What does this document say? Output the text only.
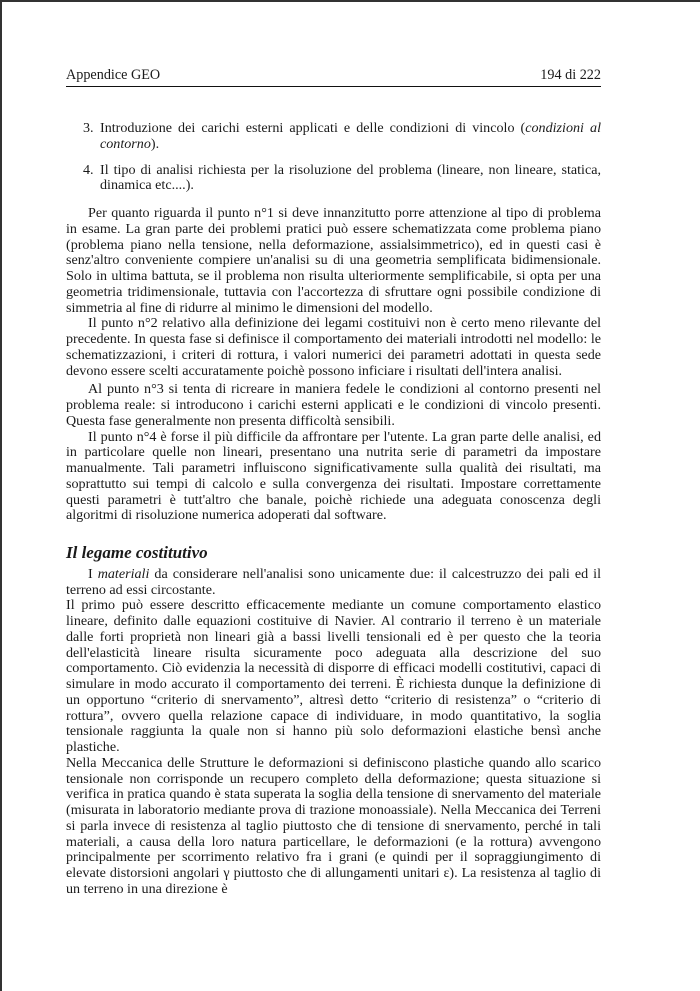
Appendice GEO	194 di 222
3. Introduzione dei carichi esterni applicati e delle condizioni di vincolo (condizioni al contorno).
4. Il tipo di analisi richiesta per la risoluzione del problema (lineare, non lineare, statica, dinamica etc....).

Per quanto riguarda il punto n°1 si deve innanzitutto porre attenzione al tipo di problema in esame. La gran parte dei problemi pratici può essere schematizzata come problema piano (problema piano nella tensione, nella deformazione, assialsimmetrico), ed in questi casi è senz'altro conveniente compiere un'analisi su di una geometria semplificata bidimensionale. Solo in ultima battuta, se il problema non risulta ulteriormente semplificabile, si opta per una geometria tridimensionale, tuttavia con l'accortezza di sfruttare ogni possibile condizione di simmetria al fine di ridurre al minimo le dimensioni del modello.

Il punto n°2 relativo alla definizione dei legami costituivi non è certo meno rilevante del precedente. In questa fase si definisce il comportamento dei materiali introdotti nel modello: le schematizzazioni, i criteri di rottura, i valori numerici dei parametri adottati in questa sede devono essere scelti accuratamente poichè possono inficiare i risultati dell'intera analisi.

Al punto n°3 si tenta di ricreare in maniera fedele le condizioni al contorno presenti nel problema reale: si introducono i carichi esterni applicati e le condizioni di vincolo presenti. Questa fase generalmente non presenta difficoltà sensibili.

Il punto n°4 è forse il più difficile da affrontare per l'utente. La gran parte delle analisi, ed in particolare quelle non lineari, presentano una nutrita serie di parametri da impostare manualmente. Tali parametri influiscono significativamente sulla qualità dei risultati, ma soprattutto sui tempi di calcolo e sulla convergenza dei risultati. Impostare correttamente questi parametri è tutt'altro che banale, poichè richiede una adeguata conoscenza degli algoritmi di risoluzione numerica adoperati dal software.

Il legame costitutivo

I materiali da considerare nell'analisi sono unicamente due: il calcestruzzo dei pali ed il terreno ad essi circostante.

Il primo può essere descritto efficacemente mediante un comune comportamento elastico lineare, definito dalle equazioni costituive di Navier. Al contrario il terreno è un materiale dalle forti proprietà non lineari già a bassi livelli tensionali ed è per questo che la teoria dell'elasticità lineare risulta sicuramente poco adeguata alla descrizione del suo comportamento. Ciò evidenzia la necessità di disporre di efficaci modelli costitutivi, capaci di simulare in modo accurato il comportamento dei terreni. È richiesta dunque la definizione di un opportuno “criterio di snervamento”, altresì detto “criterio di resistenza” o “criterio di rottura”, ovvero quella relazione capace di individuare, in modo quantitativo, la soglia tensionale raggiunta la quale non si hanno più solo deformazioni elastiche bensì anche plastiche.

Nella Meccanica delle Strutture le deformazioni si definiscono plastiche quando allo scarico tensionale non corrisponde un recupero completo della deformazione; questa situazione si verifica in pratica quando è stata superata la soglia della tensione di snervamento del materiale (misurata in laboratorio mediante prova di trazione monoassiale). Nella Meccanica dei Terreni si parla invece di resistenza al taglio piuttosto che di tensione di snervamento, perché in tali materiali, a causa della loro natura particellare, le deformazioni (e la rottura) avvengono principalmente per scorrimento relativo fra i grani (e quindi per il sopraggiungimento di elevate distorsioni angolari γ piuttosto che di allungamenti unitari ε). La resistenza al taglio di un terreno in una direzione è
